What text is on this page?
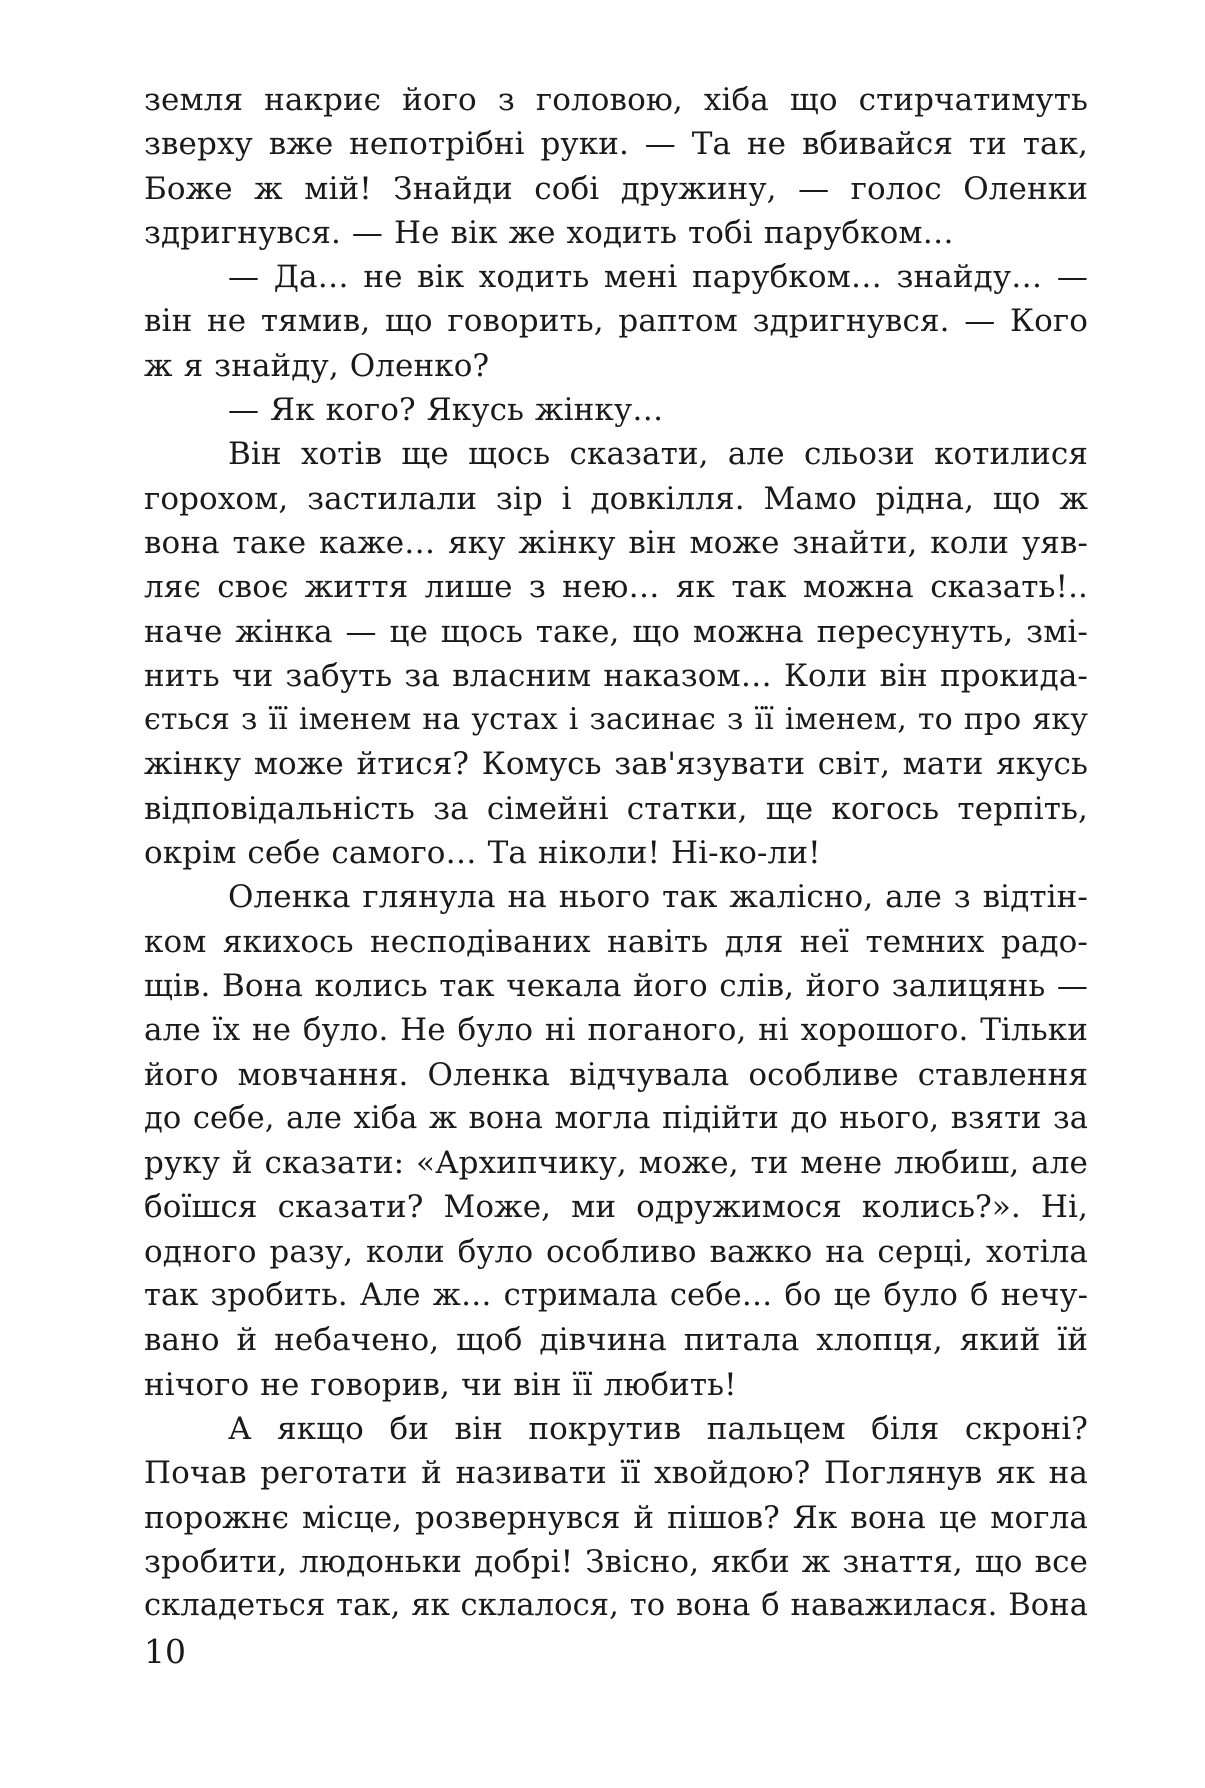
земля накриє його з головою, хіба що стирчатимуть
зверху вже непотрібні руки. — Та не вбивайся ти так,
Боже ж мій! Знайди собі дружину, — голос Оленки
здригнувся. — Не вік же ходить тобі парубком…
— Да… не вік ходить мені парубком… знайду… —
він не тямив, що говорить, раптом здригнувся. — Кого
ж я знайду, Оленко?
— Як кого? Якусь жінку…
Він хотів ще щось сказати, але сльози котилися
горохом, застилали зір і довкілля. Мамо рідна, що ж
вона таке каже… яку жінку він може знайти, коли уяв-
ляє своє життя лише з нею… як так можна сказать!..
наче жінка — це щось таке, що можна пересунуть, змі-
нить чи забуть за власним наказом… Коли він прокида-
ється з її іменем на устах і засинає з її іменем, то про яку
жінку може йтися? Комусь зав'язувати світ, мати якусь
відповідальність за сімейні статки, ще когось терпіть,
окрім себе самого… Та ніколи! Ні-ко-ли!
Оленка глянула на нього так жалісно, але з відтін-
ком якихось несподіваних навіть для неї темних радо-
щів. Вона колись так чекала його слів, його залицянь —
але їх не було. Не було ні поганого, ні хорошого. Тільки
його мовчання. Оленка відчувала особливе ставлення
до себе, але хіба ж вона могла підійти до нього, взяти за
руку й сказати: «Архипчику, може, ти мене любиш, але
боїшся сказати? Може, ми одружимося колись?». Ні,
одного разу, коли було особливо важко на серці, хотіла
так зробить. Але ж… стримала себе… бо це було б нечу-
вано й небачено, щоб дівчина питала хлопця, який їй
нічого не говорив, чи він її любить!
А якщо би він покрутив пальцем біля скроні?
Почав реготати й називати її хвойдою? Поглянув як на
порожнє місце, розвернувся й пішов? Як вона це могла
зробити, людоньки добрі! Звісно, якби ж знаття, що все
складеться так, як склалося, то вона б наважилася. Вона
10
